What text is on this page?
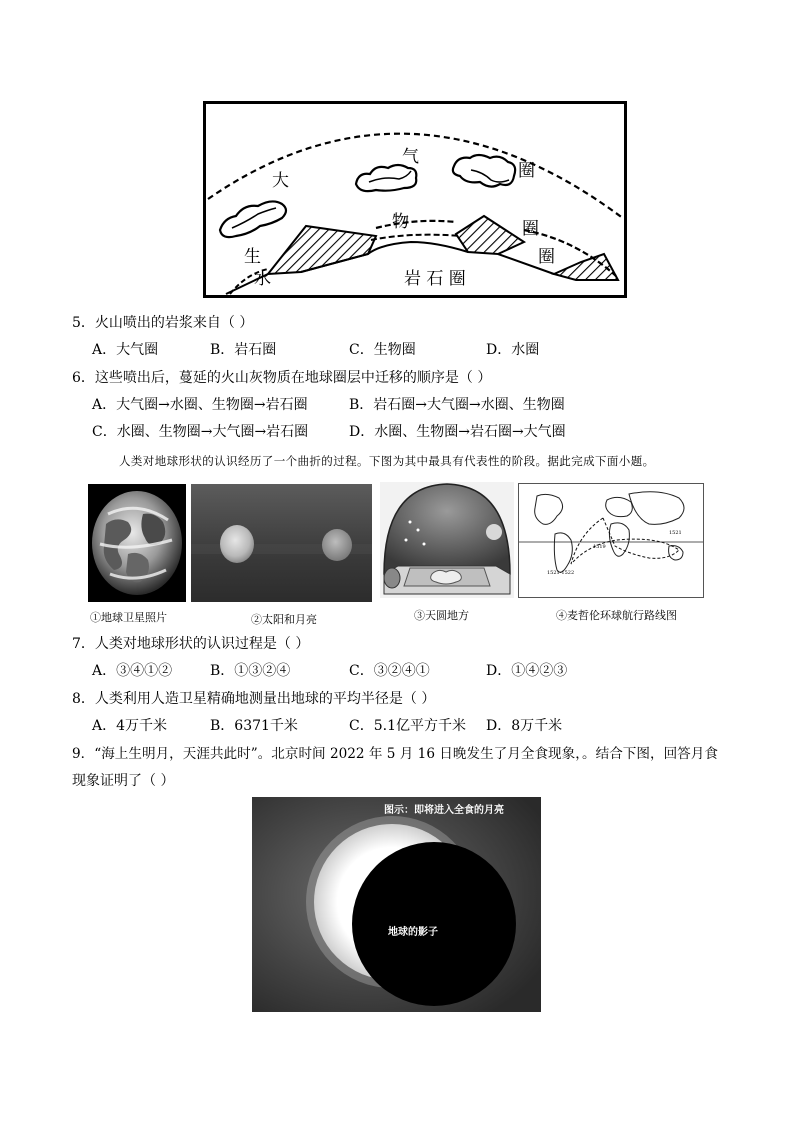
大
气
圈
物	圈
生	圈
水	岩 石 圈
5．火山喷出的岩浆来自（ ）
A．大气圈	B．岩石圈	C．生物圈	D．水圈
6．这些喷出后，蔓延的火山灰物质在地球圈层中迁移的顺序是（ ）
A．大气圈→水圈、生物圈→岩石圈	B．岩石圈→大气圈→水圈、生物圈
C．水圈、生物圈→大气圈→岩石圈	D．水圈、生物圈→岩石圈→大气圈
人类对地球形状的认识经历了一个曲折的过程。下图为其中最具有代表性的阶段。据此完成下面小题。
①地球卫星照片	②太阳和月亮	③天圆地方
1519
1521-1522
1521
④麦哲伦环球航行路线图
7．人类对地球形状的认识过程是（ ）
A．③④①②	B．①③②④	C．③②④①	D．①④②③
8．人类利用人造卫星精确地测量出地球的平均半径是（ ）
A．4万千米	B．6371千米	C．5.1亿平方千米 D．8万千米
9．“海上生明月，天涯共此时”。北京时间 2022 年 5 月 16 日晚发生了月全食现象，。结合下图，回答月食
现象证明了（ ）
图示：即将进入全食的月亮
地球的影子
